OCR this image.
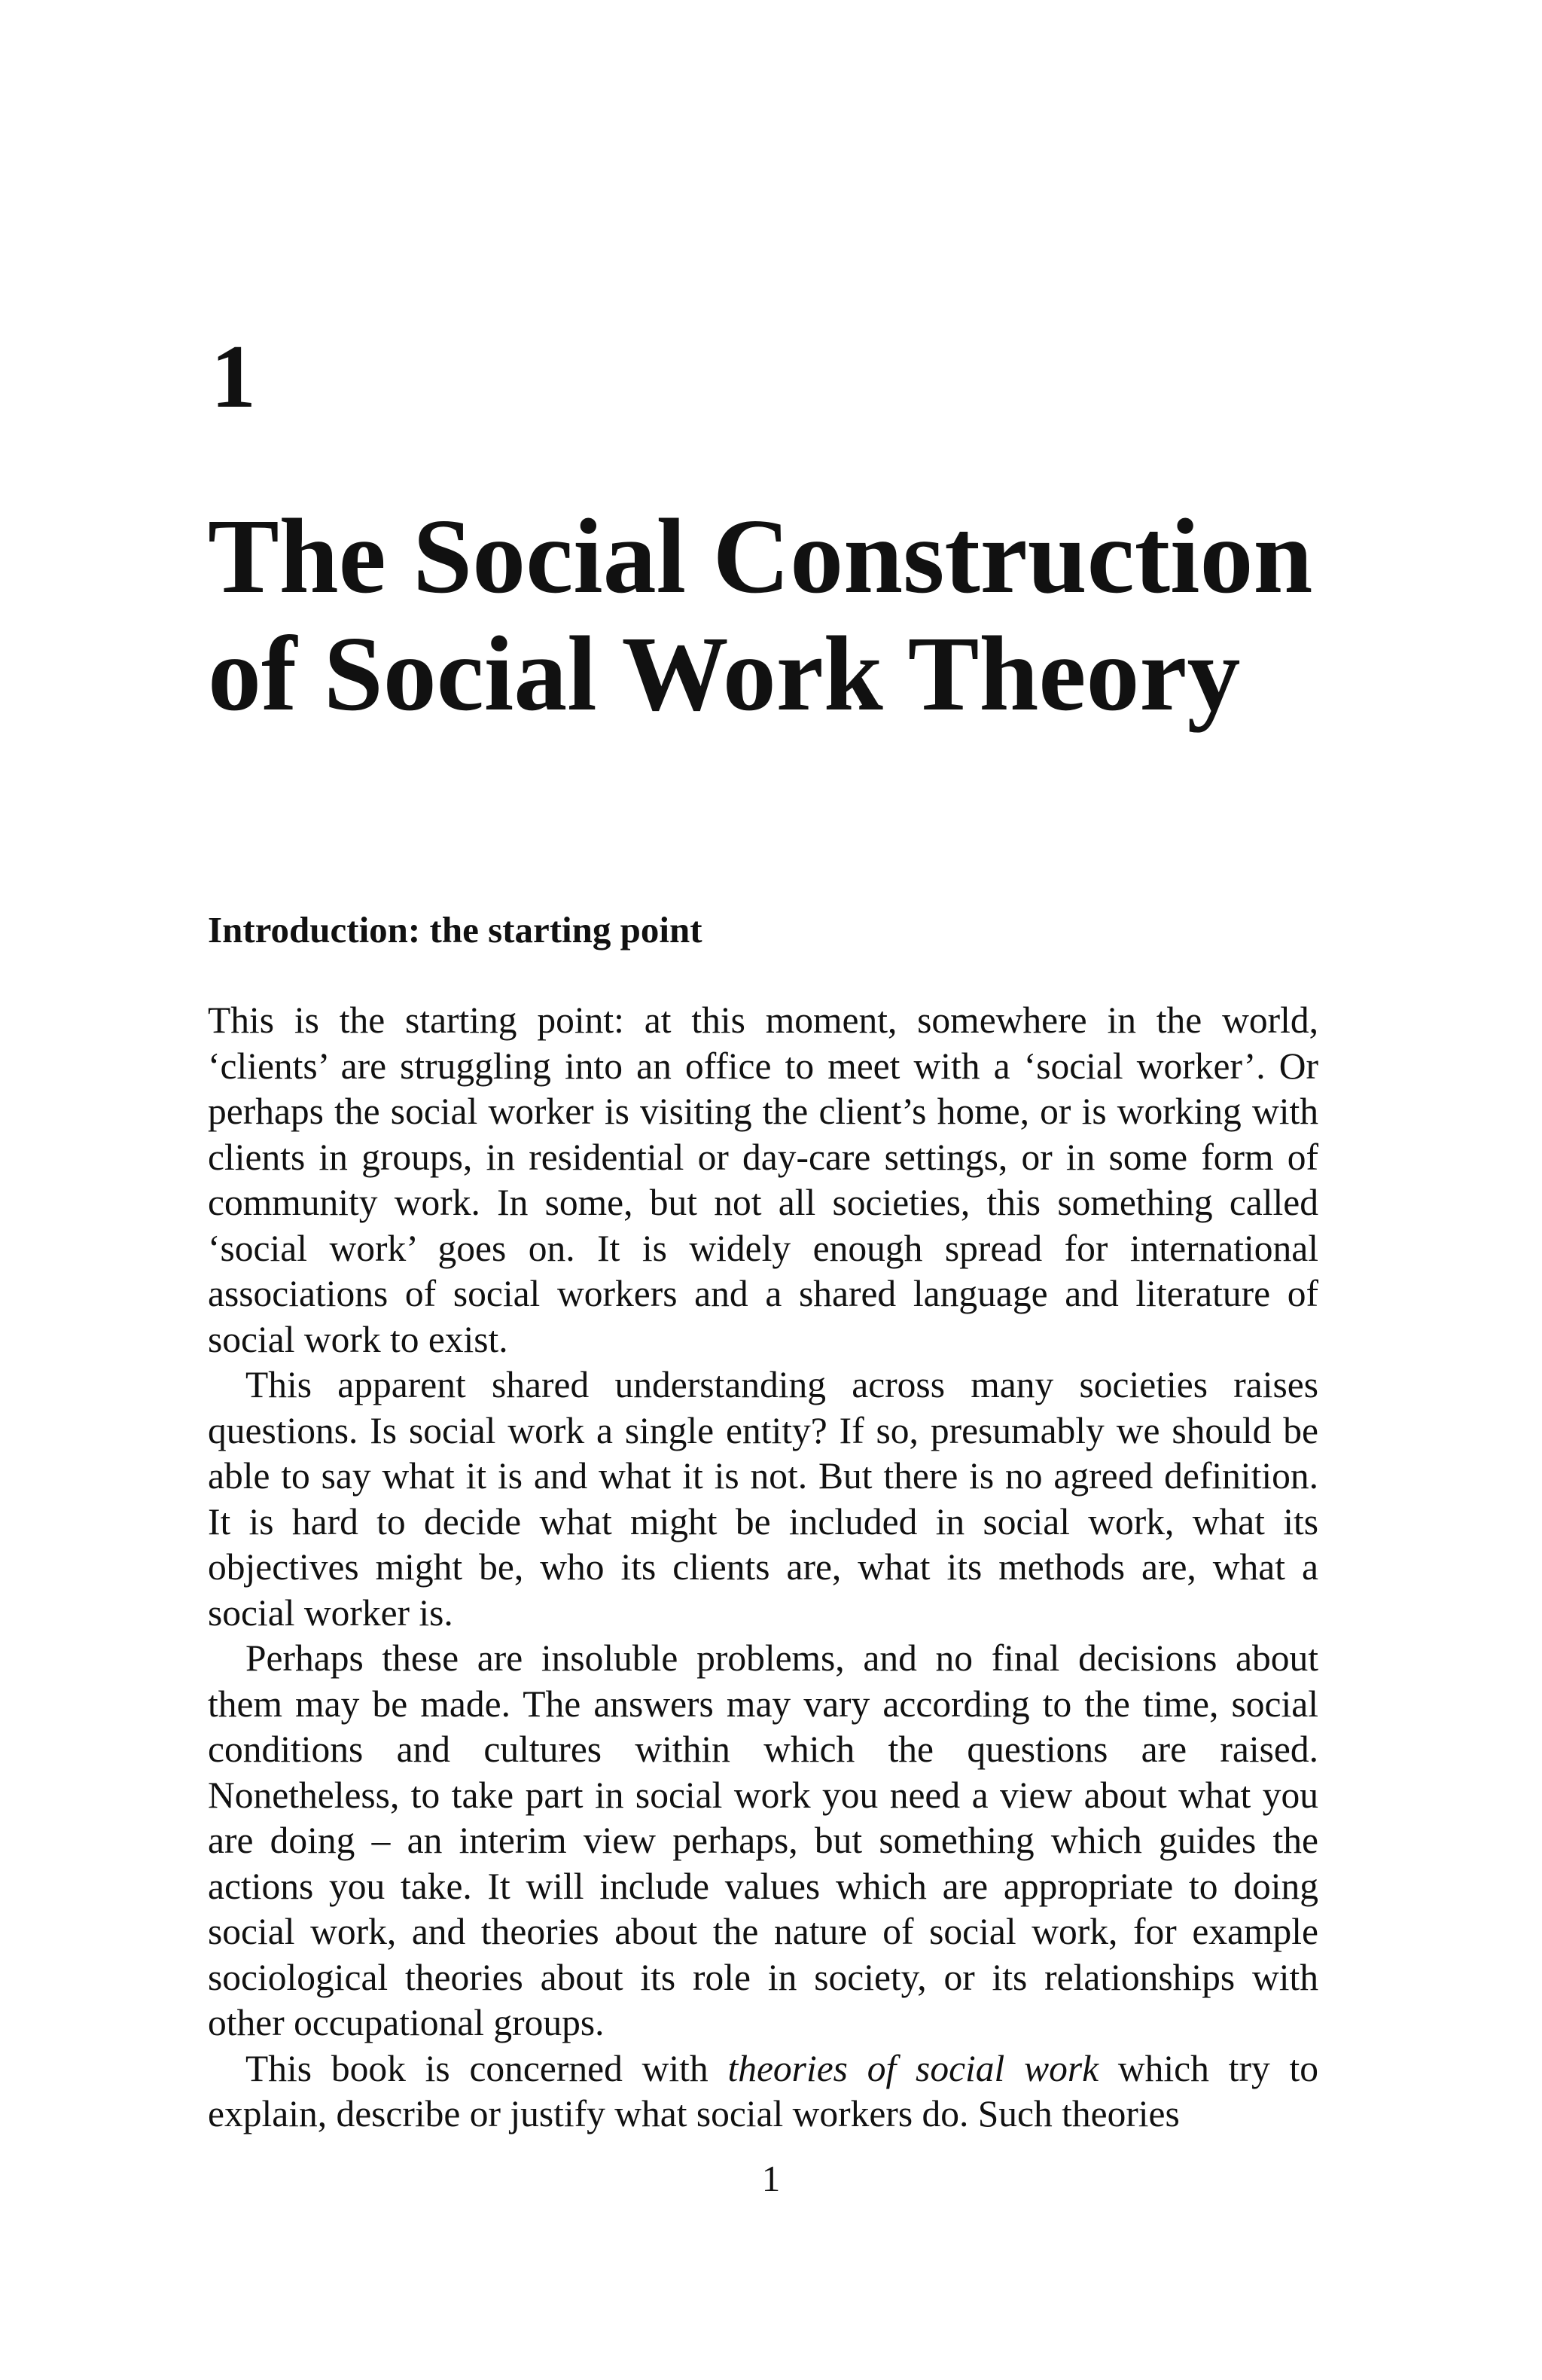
1
The Social Construction of Social Work Theory
Introduction: the starting point

This is the starting point: at this moment, somewhere in the world, ‘clients’ are struggling into an office to meet with a ‘social worker’. Or perhaps the social worker is visiting the client’s home, or is working with clients in groups, in residential or day-care settings, or in some form of community work. In some, but not all societies, this something called ‘social work’ goes on. It is widely enough spread for international associations of social workers and a shared language and literature of social work to exist.

This apparent shared understanding across many societies raises questions. Is social work a single entity? If so, presumably we should be able to say what it is and what it is not. But there is no agreed definition. It is hard to decide what might be included in social work, what its objectives might be, who its clients are, what its methods are, what a social worker is.

Perhaps these are insoluble problems, and no final decisions about them may be made. The answers may vary according to the time, social conditions and cultures within which the questions are raised. Nonetheless, to take part in social work you need a view about what you are doing – an interim view perhaps, but something which guides the actions you take. It will include values which are appropriate to doing social work, and theories about the nature of social work, for example sociological theories about its role in society, or its relationships with other occupational groups.

This book is concerned with theories of social work which try to explain, describe or justify what social workers do. Such theories

1
